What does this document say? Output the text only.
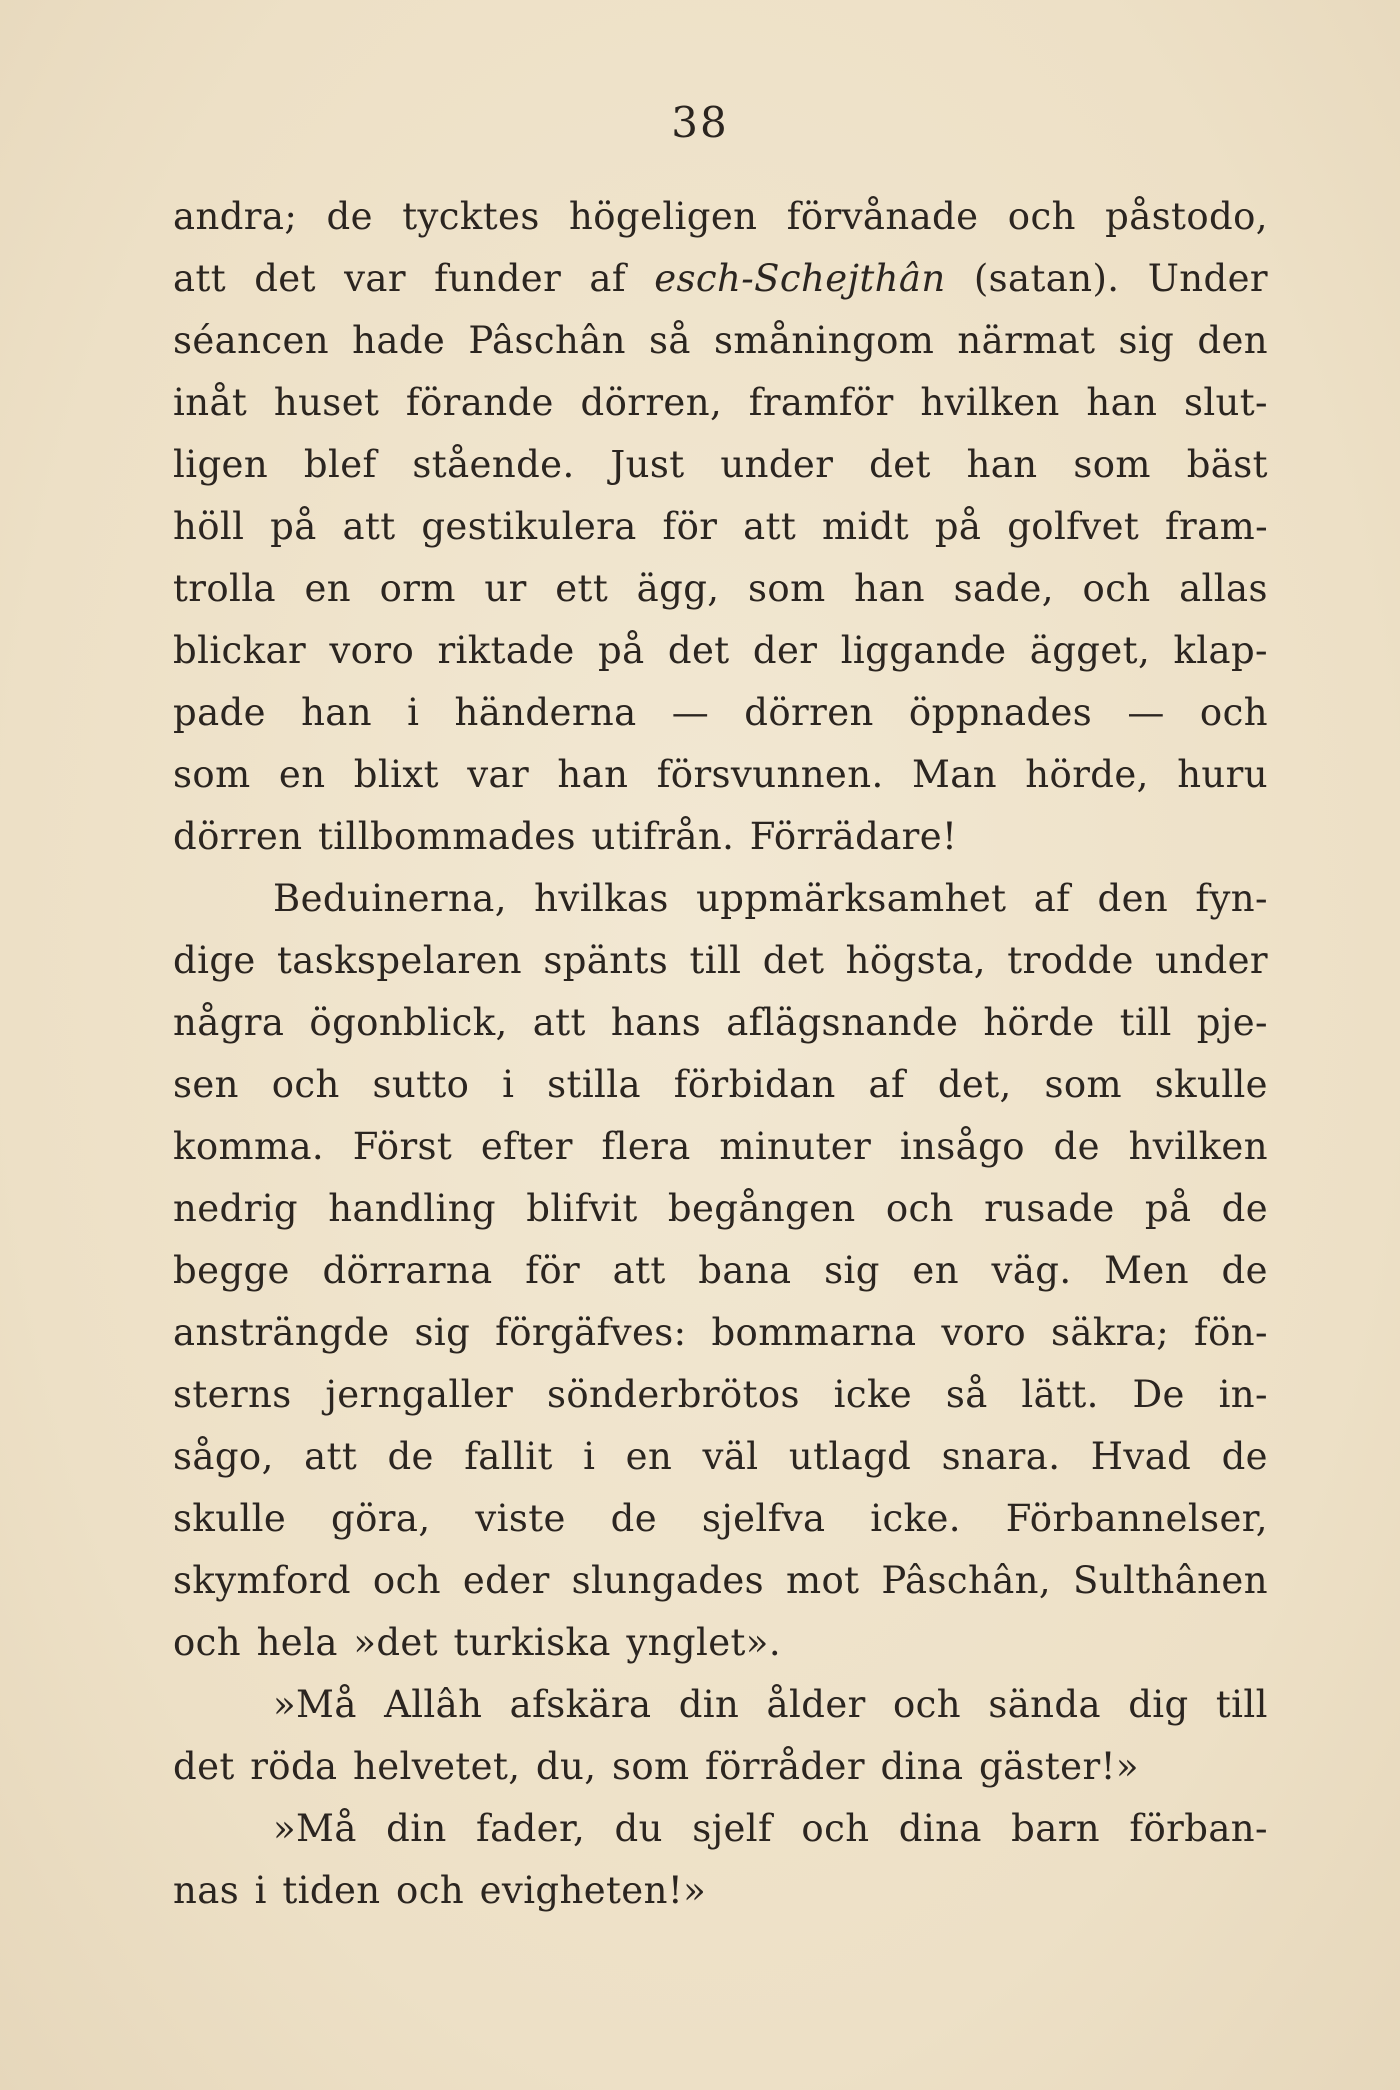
38
andra; de tycktes högeligen förvånade och påstodo,
att det var funder af esch-Schejthân (satan). Under
séancen hade Pâschân så småningom närmat sig den
inåt huset förande dörren, framför hvilken han slut-
ligen blef stående. Just under det han som bäst
höll på att gestikulera för att midt på golfvet fram-
trolla en orm ur ett ägg, som han sade, och allas
blickar voro riktade på det der liggande ägget, klap-
pade han i händerna — dörren öppnades — och
som en blixt var han försvunnen. Man hörde, huru
dörren tillbommades utifrån. Förrädare!
Beduinerna, hvilkas uppmärksamhet af den fyn-
dige taskspelaren spänts till det högsta, trodde under
några ögonblick, att hans aflägsnande hörde till pje-
sen och sutto i stilla förbidan af det, som skulle
komma. Först efter flera minuter insågo de hvilken
nedrig handling blifvit begången och rusade på de
begge dörrarna för att bana sig en väg. Men de
ansträngde sig förgäfves: bommarna voro säkra; fön-
sterns jerngaller sönderbrötos icke så lätt. De in-
sågo, att de fallit i en väl utlagd snara. Hvad de
skulle göra, viste de sjelfva icke. Förbannelser,
skymford och eder slungades mot Pâschân, Sulthânen
och hela »det turkiska ynglet».
»Må Allâh afskära din ålder och sända dig till
det röda helvetet, du, som förråder dina gäster!»
»Må din fader, du sjelf och dina barn förban-
nas i tiden och evigheten!»
